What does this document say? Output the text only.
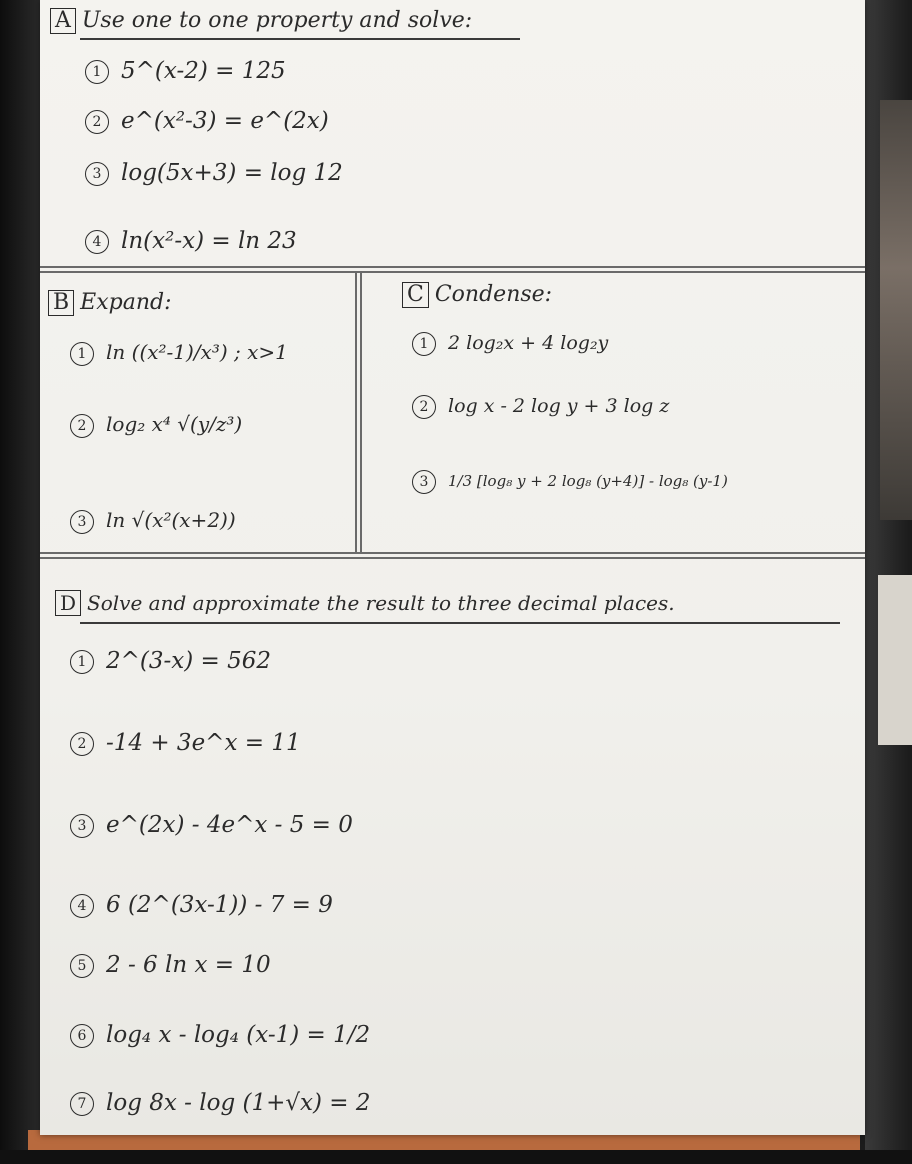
A Use one to one property and solve:
1 5^(x-2) = 125
2 e^(x²-3) = e^(2x)
3 log(5x+3) = log 12
4 ln(x²-x) = ln 23
B Expand:
1 ln ((x²-1)/x³) ; x>1
2 log₂ x⁴ √(y/z³)
3 ln √(x²(x+2))
C Condense:
1 2 log₂x + 4 log₂y
2 log x - 2 log y + 3 log z
3 1/3 [log₈ y + 2 log₈ (y+4)] - log₈ (y-1)
D Solve and approximate the result to three decimal places.
1 2^(3-x) = 562
2 -14 + 3e^x = 11
3 e^(2x) - 4e^x - 5 = 0
4 6 (2^(3x-1)) - 7 = 9
5 2 - 6 ln x = 10
6 log₄ x - log₄ (x-1) = 1/2
7 log 8x - log (1+√x) = 2
